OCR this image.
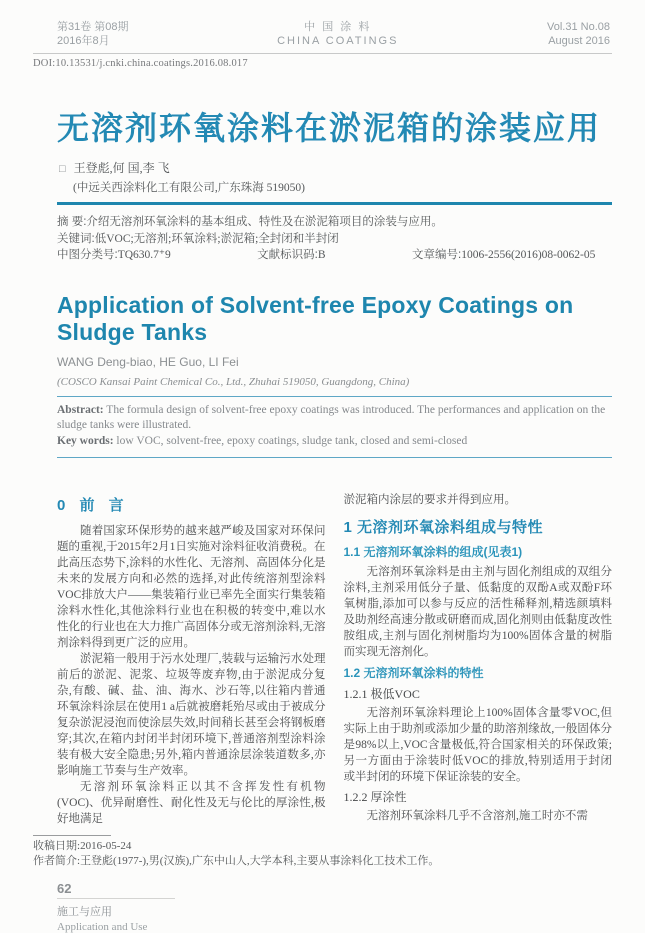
第31卷 第08期
2016年8月
中 国 涂 料
CHINA COATINGS
Vol.31 No.08
August 2016
DOI:10.13531/j.cnki.china.coatings.2016.08.017
无溶剂环氧涂料在淤泥箱的涂装应用
□ 王登彪,何 国,李 飞
(中远关西涂料化工有限公司,广东珠海 519050)
摘 要:介绍无溶剂环氧涂料的基本组成、特性及在淤泥箱项目的涂装与应用。
关键词:低VOC;无溶剂;环氧涂料;淤泥箱;全封闭和半封闭
中图分类号:TQ630.7⁺9	文献标识码:B	文章编号:1006-2556(2016)08-0062-05
Application of Solvent-free Epoxy Coatings on Sludge Tanks
WANG Deng-biao, HE Guo, LI Fei
(COSCO Kansai Paint Chemical Co., Ltd., Zhuhai 519050, Guangdong, China)
Abstract: The formula design of solvent-free epoxy coatings was introduced. The performances and application on the sludge tanks were illustrated.
Key words: low VOC, solvent-free, epoxy coatings, sludge tank, closed and semi-closed
0 前 言

随着国家环保形势的越来越严峻及国家对环保问题的重视,于2015年2月1日实施对涂料征收消费税。在此高压态势下,涂料的水性化、无溶剂、高固体分化是未来的发展方向和必然的选择,对此传统溶剂型涂料VOC排放大户——集装箱行业已率先全面实行集装箱涂料水性化,其他涂料行业也在积极的转变中,难以水性化的行业也在大力推广高固体分或无溶剂涂料,无溶剂涂料得到更广泛的应用。

淤泥箱一般用于污水处理厂,装载与运输污水处理前后的淤泥、泥浆、垃圾等废弃物,由于淤泥成分复杂,有酸、碱、盐、油、海水、沙石等,以往箱内普通环氧涂料涂层在使用1 a后就被磨耗殆尽或由于被成分复杂淤泥浸泡而使涂层失效,时间稍长甚至会将钢板磨穿;其次,在箱内封闭半封闭环境下,普通溶剂型涂料涂装有极大安全隐患;另外,箱内普通涂层涂装道数多,亦影响施工节奏与生产效率。

无溶剂环氧涂料正以其不含挥发性有机物(VOC)、优异耐磨性、耐化性及无与伦比的厚涂性,极好地满足

淤泥箱内涂层的要求并得到应用。

1 无溶剂环氧涂料组成与特性
1.1 无溶剂环氧涂料的组成(见表1)

无溶剂环氧涂料是由主剂与固化剂组成的双组分涂料,主剂采用低分子量、低黏度的双酚A或双酚F环氧树脂,添加可以参与反应的活性稀释剂,精选颜填料及助剂经高速分散或研磨而成,固化剂则由低黏度改性胺组成,主剂与固化剂树脂均为100%固体含量的树脂而实现无溶剂化。

1.2 无溶剂环氧涂料的特性
1.2.1 极低VOC

无溶剂环氧涂料理论上100%固体含量零VOC,但实际上由于助剂或添加少量的助溶剂缘故,一般固体分是98%以上,VOC含量极低,符合国家相关的环保政策;另一方面由于涂装时低VOC的排放,特别适用于封闭或半封闭的环境下保证涂装的安全。

1.2.2 厚涂性

无溶剂环氧涂料几乎不含溶剂,施工时亦不需

收稿日期:2016-05-24
作者简介:王登彪(1977-),男(汉族),广东中山人,大学本科,主要从事涂料化工技术工作。
62
施工与应用
Application and Use
